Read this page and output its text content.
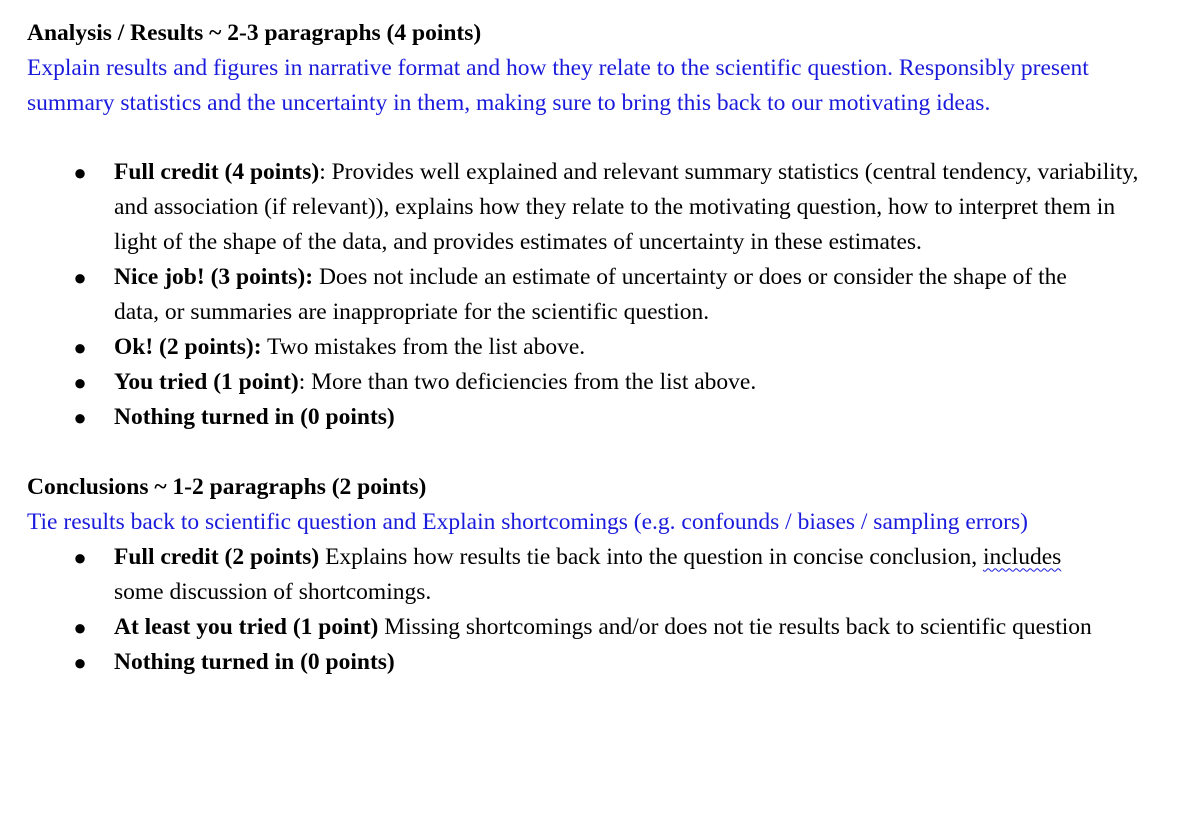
Analysis / Results ~ 2-3 paragraphs (4 points)

Explain results and figures in narrative format and how they relate to the scientific question. Responsibly present summary statistics and the uncertainty in them, making sure to bring this back to our motivating ideas.

● Full credit (4 points): Provides well explained and relevant summary statistics (central tendency, variability, and association (if relevant)), explains how they relate to the motivating question, how to interpret them in light of the shape of the data, and provides estimates of uncertainty in these estimates.
● Nice job! (3 points): Does not include an estimate of uncertainty or does or consider the shape of the data, or summaries are inappropriate for the scientific question.
● Ok! (2 points): Two mistakes from the list above.
● You tried (1 point): More than two deficiencies from the list above.
● Nothing turned in (0 points)
Conclusions ~ 1-2 paragraphs (2 points)

Tie results back to scientific question and Explain shortcomings (e.g. confounds / biases / sampling errors)

● Full credit (2 points) Explains how results tie back into the question in concise conclusion, includes some discussion of shortcomings.
● At least you tried (1 point) Missing shortcomings and/or does not tie results back to scientific question
● Nothing turned in (0 points)
